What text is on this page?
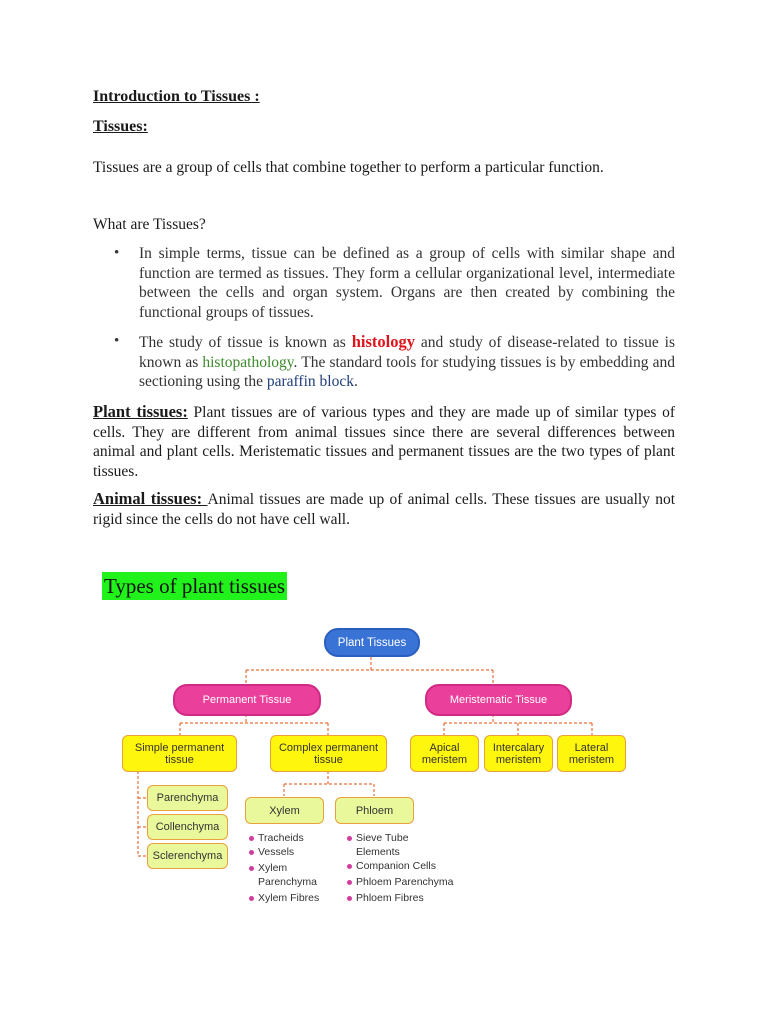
Introduction to Tissues :
Tissues:
Tissues are a group of cells that combine together to perform a particular function.
What are Tissues?
• In simple terms, tissue can be defined as a group of cells with similar shape and function are termed as tissues. They form a cellular organizational level, intermediate between the cells and organ system. Organs are then created by combining the functional groups of tissues.
• The study of tissue is known as histology and study of disease-related to tissue is known as histopathology. The standard tools for studying tissues is by embedding and sectioning using the paraffin block.
Plant tissues: Plant tissues are of various types and they are made up of similar types of cells. They are different from animal tissues since there are several differences between animal and plant cells. Meristematic tissues and permanent tissues are the two types of plant tissues.
Animal tissues: Animal tissues are made up of animal cells. These tissues are usually not rigid since the cells do not have cell wall.
Types of plant tissues
Plant Tissues
Permanent Tissue	Meristematic Tissue
Simple permanent tissue
Complex permanent tissue
Apical meristem
Intercalary meristem
Lateral meristem
Parenchyma
Collenchyma
Sclerenchyma
Xylem	Phloem
Tracheids
Vessels
Xylem Parenchyma
Xylem Fibres
Sieve Tube Elements
Companion Cells
Phloem Parenchyma
Phloem Fibres
